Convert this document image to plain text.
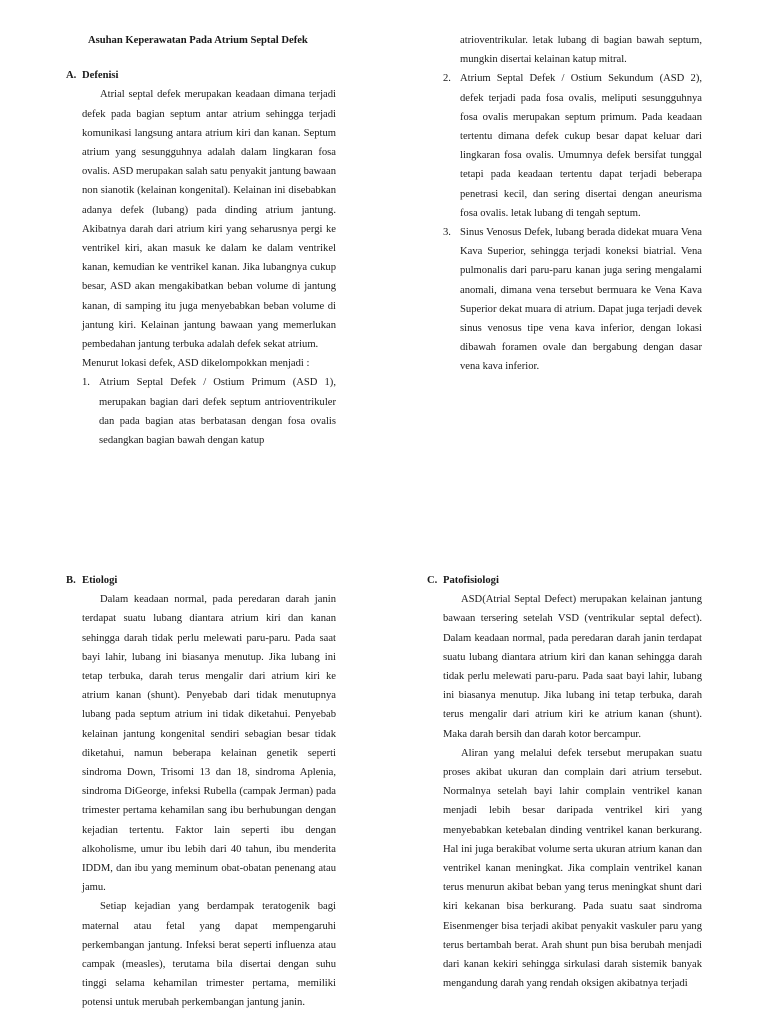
Asuhan Keperawatan Pada Atrium Septal Defek

A. Defenisi

Atrial septal defek merupakan keadaan dimana terjadi defek pada bagian septum antar atrium sehingga terjadi komunikasi langsung antara atrium kiri dan kanan. Septum atrium yang sesungguhnya adalah dalam lingkaran fosa ovalis. ASD merupakan salah satu penyakit jantung bawaan non sianotik (kelainan kongenital). Kelainan ini disebabkan adanya defek (lubang) pada dinding atrium jantung. Akibatnya darah dari atrium kiri yang seharusnya pergi ke ventrikel kiri, akan masuk ke dalam ke dalam ventrikel kanan, kemudian ke ventrikel kanan. Jika lubangnya cukup besar, ASD akan mengakibatkan beban volume di jantung kanan, di samping itu juga menyebabkan beban volume di jantung kiri. Kelainan jantung bawaan yang memerlukan pembedahan jantung terbuka adalah defek sekat atrium.

Menurut lokasi defek, ASD dikelompokkan menjadi :

1. Atrium Septal Defek / Ostium Primum (ASD 1), merupakan bagian dari defek septum antrioventrikuler dan pada bagian atas berbatasan dengan fosa ovalis sedangkan bagian bawah dengan katup
atrioventrikular. letak lubang di bagian bawah septum, mungkin disertai kelainan katup mitral.
2. Atrium Septal Defek / Ostium Sekundum (ASD 2), defek terjadi pada fosa ovalis, meliputi sesungguhnya fosa ovalis merupakan septum primum. Pada keadaan tertentu dimana defek cukup besar dapat keluar dari lingkaran fosa ovalis. Umumnya defek bersifat tunggal tetapi pada keadaan tertentu dapat terjadi beberapa penetrasi kecil, dan sering disertai dengan aneurisma fosa ovalis. letak lubang di tengah septum.
3. Sinus Venosus Defek, lubang berada didekat muara Vena Kava Superior, sehingga terjadi koneksi biatrial. Vena pulmonalis dari paru-paru kanan juga sering mengalami anomali, dimana vena tersebut bermuara ke Vena Kava Superior dekat muara di atrium. Dapat juga terjadi devek sinus venosus tipe vena kava inferior, dengan lokasi dibawah foramen ovale dan bergabung dengan dasar vena kava inferior.

B. Etiologi

Dalam keadaan normal, pada peredaran darah janin terdapat suatu lubang diantara atrium kiri dan kanan sehingga darah tidak perlu melewati paru-paru. Pada saat bayi lahir, lubang ini biasanya menutup. Jika lubang ini tetap terbuka, darah terus mengalir dari atrium kiri ke atrium kanan (shunt). Penyebab dari tidak menutupnya lubang pada septum atrium ini tidak diketahui. Penyebab kelainan jantung kongenital sendiri sebagian besar tidak diketahui, namun beberapa kelainan genetik seperti sindroma Down, Trisomi 13 dan 18, sindroma Aplenia, sindroma DiGeorge, infeksi Rubella (campak Jerman) pada trimester pertama kehamilan sang ibu berhubungan dengan kejadian tertentu. Faktor lain seperti ibu dengan alkoholisme, umur ibu lebih dari 40 tahun, ibu menderita IDDM, dan ibu yang meminum obat-obatan penenang atau jamu.

Setiap kejadian yang berdampak teratogenik bagi maternal atau fetal yang dapat mempengaruhi perkembangan jantung. Infeksi berat seperti influenza atau campak (measles), terutama bila disertai dengan suhu tinggi selama kehamilan trimester pertama, memiliki potensi untuk merubah perkembangan jantung janin.

C. Patofisiologi

ASD(Atrial Septal Defect) merupakan kelainan jantung bawaan tersering setelah VSD (ventrikular septal defect). Dalam keadaan normal, pada peredaran darah janin terdapat suatu lubang diantara atrium kiri dan kanan sehingga darah tidak perlu melewati paru-paru. Pada saat bayi lahir, lubang ini biasanya menutup. Jika lubang ini tetap terbuka, darah terus mengalir dari atrium kiri ke atrium kanan (shunt). Maka darah bersih dan darah kotor bercampur.

Aliran yang melalui defek tersebut merupakan suatu proses akibat ukuran dan complain dari atrium tersebut. Normalnya setelah bayi lahir complain ventrikel kanan menjadi lebih besar daripada ventrikel kiri yang menyebabkan ketebalan dinding ventrikel kanan berkurang. Hal ini juga berakibat volume serta ukuran atrium kanan dan ventrikel kanan meningkat. Jika complain ventrikel kanan terus menurun akibat beban yang terus meningkat shunt dari kiri kekanan bisa berkurang. Pada suatu saat sindroma Eisenmenger bisa terjadi akibat penyakit vaskuler paru yang terus bertambah berat. Arah shunt pun bisa berubah menjadi dari kanan kekiri sehingga sirkulasi darah sistemik banyak mengandung darah yang rendah oksigen akibatnya terjadi
